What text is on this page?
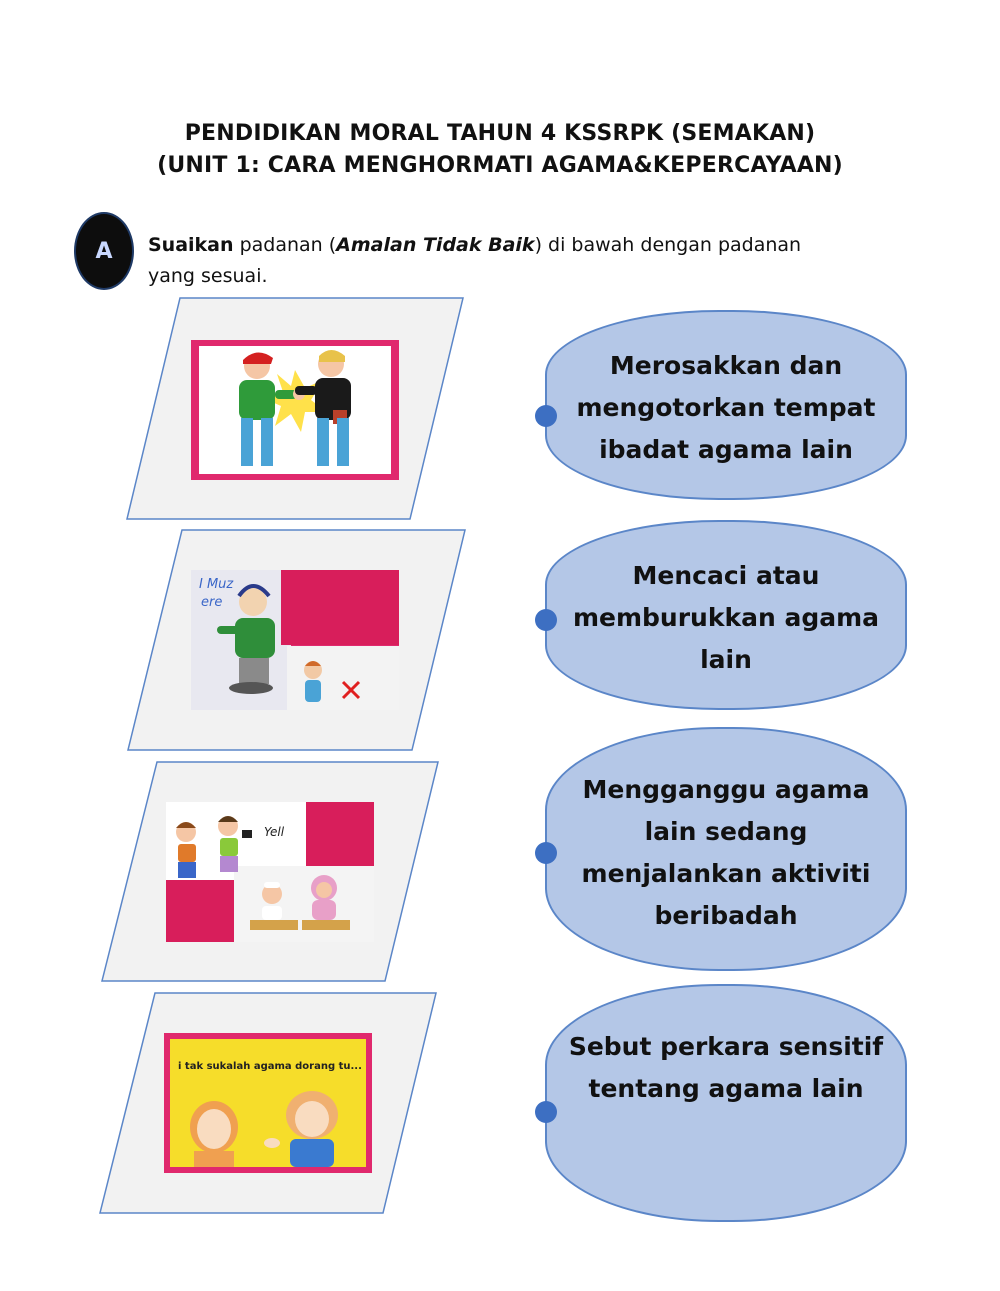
PENDIDIKAN MORAL TAHUN 4 KSSRPK (SEMAKAN)
(UNIT 1: CARA MENGHORMATI AGAMA&KEPERCAYAAN)
A	Suaikan padanan (Amalan Tidak Baik) di bawah dengan padanan
yang sesuai.
I Muz
ere
Yell
i tak sukalah agama dorang tu...
Merosakkan dan
mengotorkan tempat
ibadat agama lain
Mencaci atau
memburukkan agama
lain
Mengganggu agama
lain sedang
menjalankan aktiviti
beribadah
Sebut perkara sensitif
tentang agama lain
